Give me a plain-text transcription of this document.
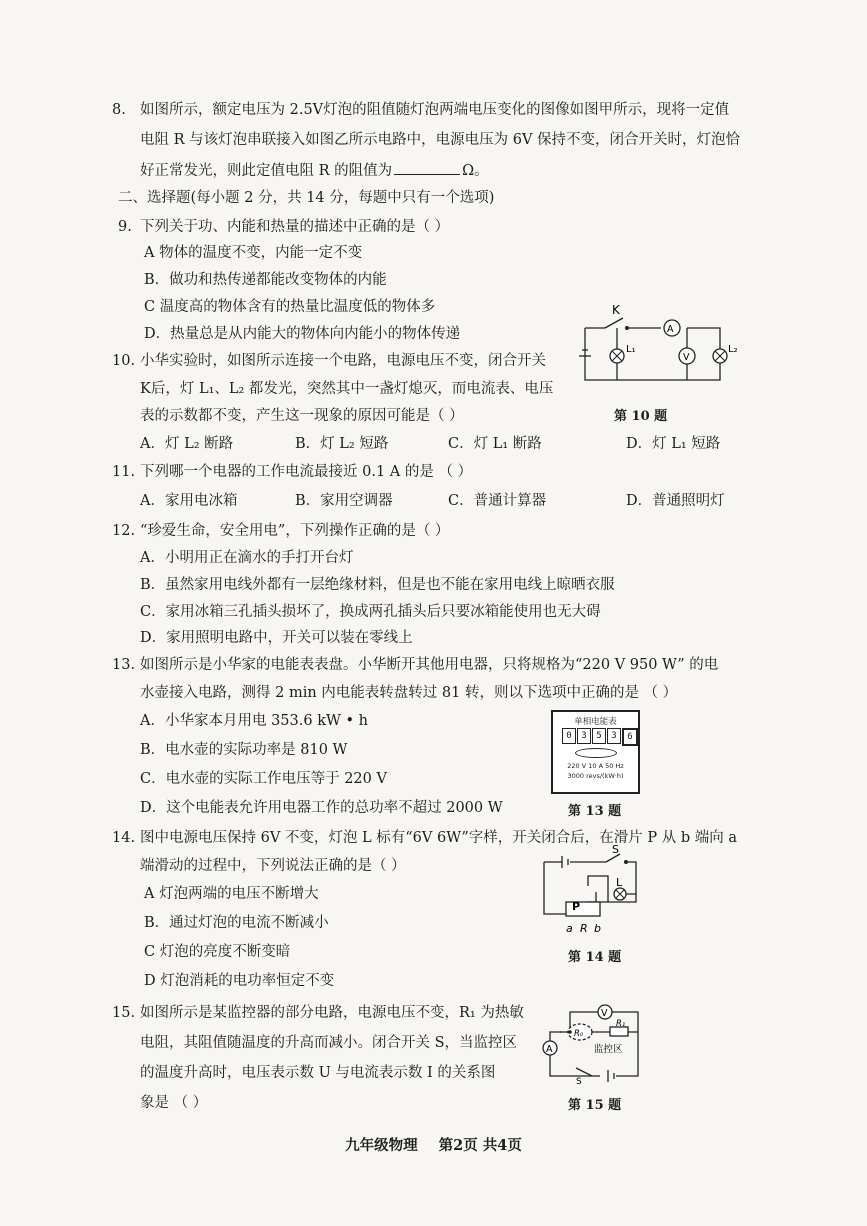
8. 如图所示，额定电压为 2.5V灯泡的阻值随灯泡两端电压变化的图像如图甲所示，现将一定值
电阻 R 与该灯泡串联接入如图乙所示电路中，电源电压为 6V 保持不变，闭合开关时，灯泡恰
好正常发光，则此定值电阻 R 的阻值为	Ω。
二、选择题(每小题 2 分，共 14 分，每题中只有一个选项)
9. 下列关于功、内能和热量的描述中正确的是（ ）
A 物体的温度不变，内能一定不变
B．做功和热传递都能改变物体的内能
C 温度高的物体含有的热量比温度低的物体多
D．热量总是从内能大的物体向内能小的物体传递
K
A
V
L₁	L₂
第 10 题
10. 小华实验时，如图所示连接一个电路，电源电压不变，闭合开关
K后，灯 L₁、L₂ 都发光，突然其中一盏灯熄灭，而电流表、电压
表的示数都不变，产生这一现象的原因可能是（ ）
A．灯 L₂ 断路	B．灯 L₂ 短路	C．灯 L₁ 断路	D．灯 L₁ 短路
11. 下列哪一个电器的工作电流最接近 0.1 A 的是 （ ）
A．家用电冰箱	B．家用空调器	C．普通计算器	D．普通照明灯
12. “珍爱生命，安全用电”，下列操作正确的是（ ）
A．小明用正在滴水的手打开台灯
B．虽然家用电线外都有一层绝缘材料，但是也不能在家用电线上晾晒衣服
C．家用冰箱三孔插头损坏了，换成两孔插头后只要冰箱能使用也无大碍
D．家用照明电路中，开关可以装在零线上
13. 如图所示是小华家的电能表表盘。小华断开其他用电器，只将规格为“220 V 950 W” 的电
水壶接入电路，测得 2 min 内电能表转盘转过 81 转，则以下选项中正确的是 （ ）
A．小华家本月用电 353.6 kW • h
B．电水壶的实际功率是 810 W
C．电水壶的实际工作电压等于 220 V
D．这个电能表允许用电器工作的总功率不超过 2000 W
单相电能表
0	3	5	3	6
220 V 10 A 50 Hz
3000 revs/(kW·h)
第 13 题
14. 图中电源电压保持 6V 不变，灯泡 L 标有“6V 6W”字样，开关闭合后，在滑片 P 从 b 端向 a
端滑动的过程中，下列说法正确的是（ ）
A 灯泡两端的电压不断增大
B．通过灯泡的电流不断减小
C 灯泡的亮度不断变暗
D 灯泡消耗的电功率恒定不变
S
L
P
a R b
第 14 题
15. 如图所示是某监控器的部分电路，电源电压不变，R₁ 为热敏
电阻，其阻值随温度的升高而减小。闭合开关 S，当监控区
的温度升高时，电压表示数 U 与电流表示数 I 的关系图
象是 （ ）
V
A
R₀
R₁
监控区
S
第 15 题
九年级物理 第2页 共4页
